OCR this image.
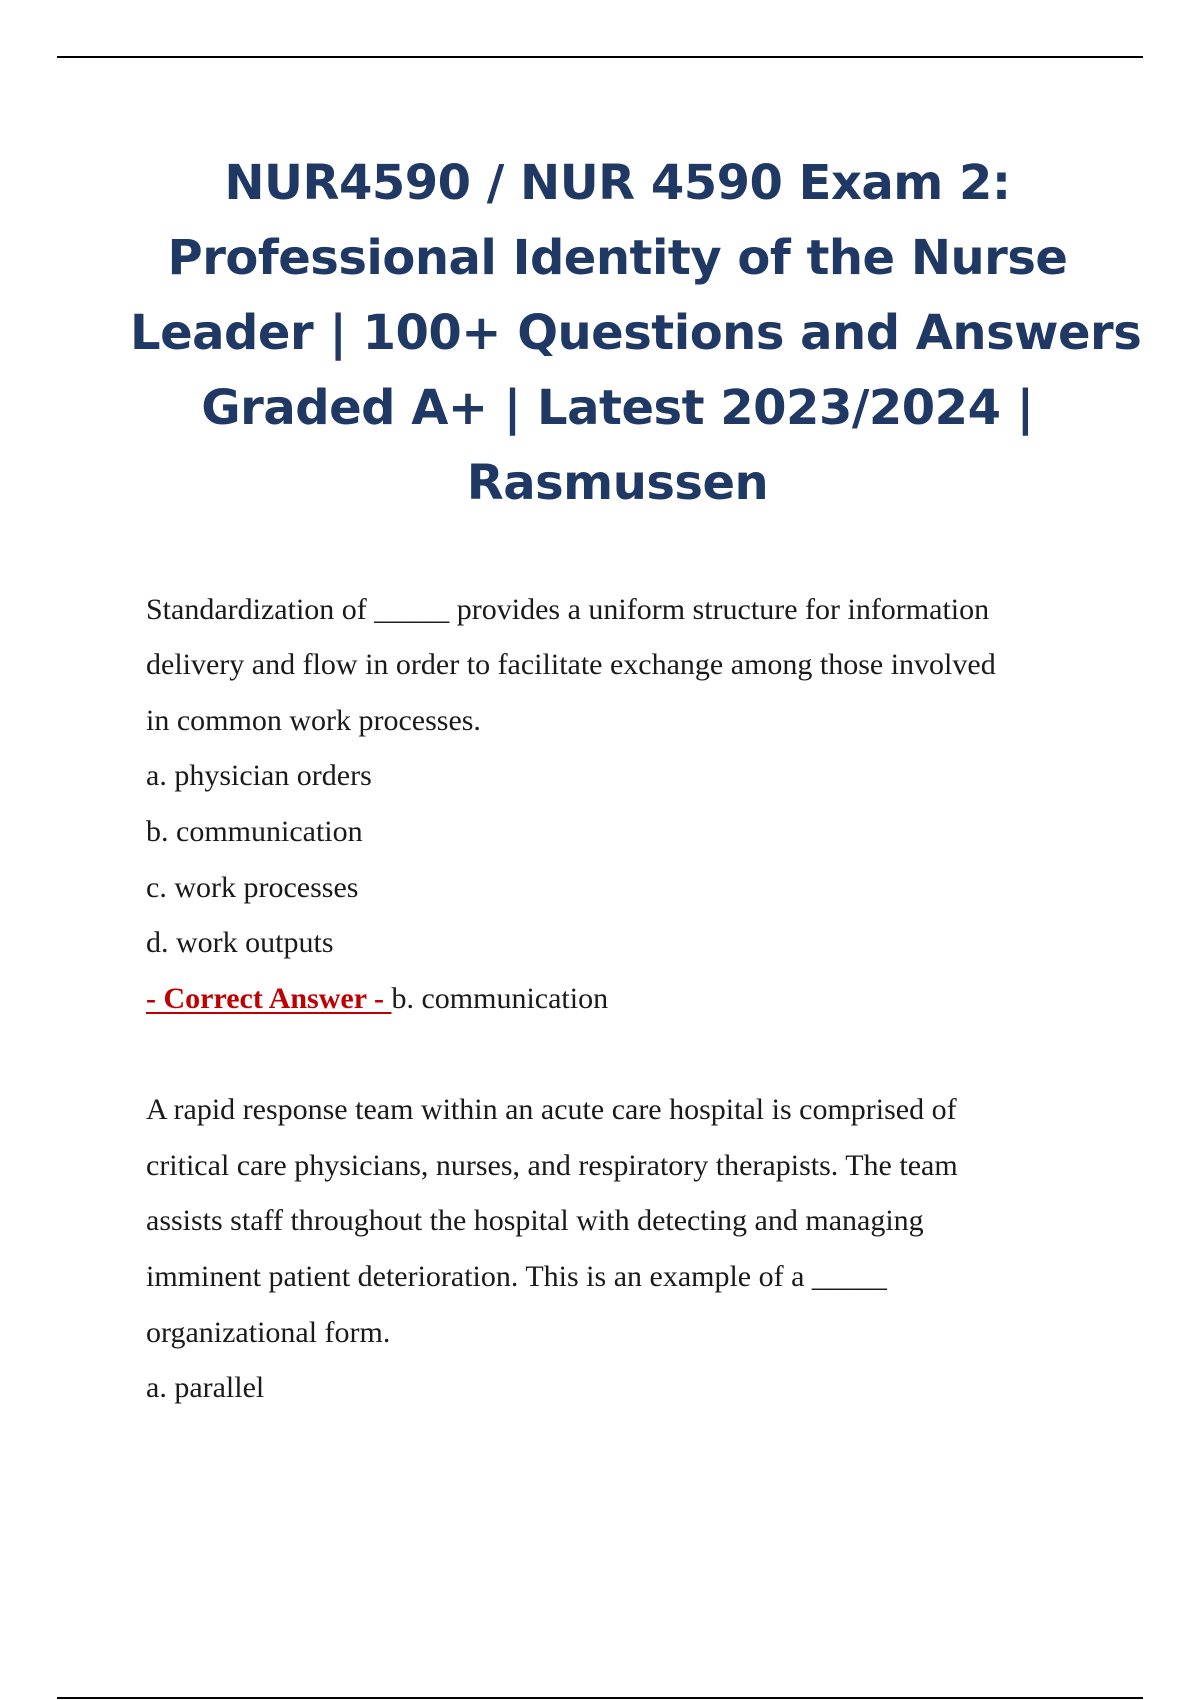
NUR4590 / NUR 4590 Exam 2:
Professional Identity of the Nurse
Leader | 100+ Questions and Answers
Graded A+ | Latest 2023/2024 |
Rasmussen
Standardization of _____ provides a uniform structure for information
delivery and flow in order to facilitate exchange among those involved
in common work processes.
a. physician orders
b. communication
c. work processes
d. work outputs
- Correct Answer - b. communication
A rapid response team within an acute care hospital is comprised of
critical care physicians, nurses, and respiratory therapists. The team
assists staff throughout the hospital with detecting and managing
imminent patient deterioration. This is an example of a _____
organizational form.
a. parallel
